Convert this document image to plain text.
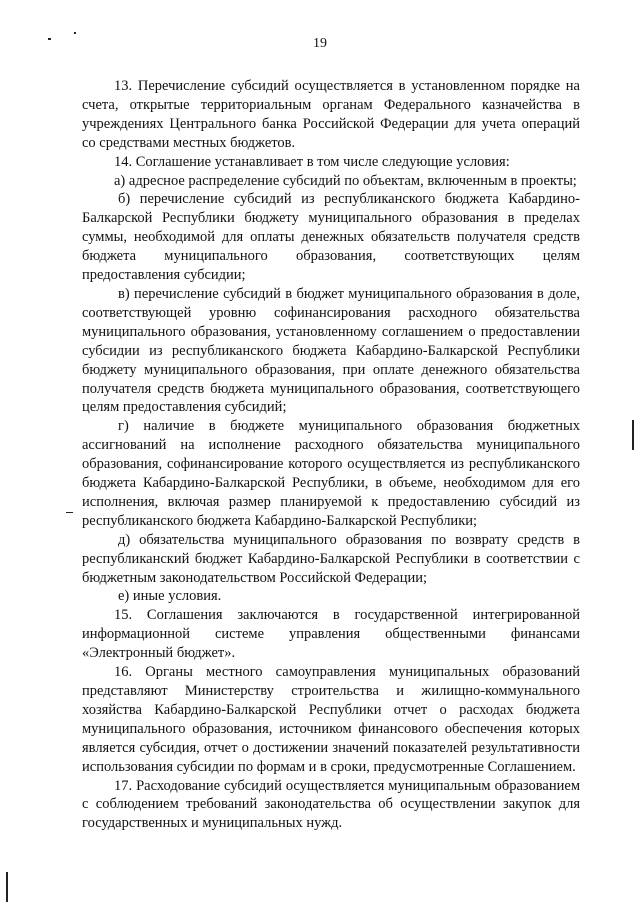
19

13. Перечисление субсидий осуществляется в установленном порядке на счета, открытые территориальным органам Федерального казначейства в учреждениях Центрального банка Российской Федерации для учета операций со средствами местных бюджетов.

14. Соглашение устанавливает в том числе следующие условия:

а) адресное распределение субсидий по объектам, включенным в проекты;

б) перечисление субсидий из республиканского бюджета Кабардино-Балкарской Республики бюджету муниципального образования в пределах суммы, необходимой для оплаты денежных обязательств получателя средств бюджета муниципального образования, соответствующих целям предоставления субсидии;

в) перечисление субсидий в бюджет муниципального образования в доле, соответствующей уровню софинансирования расходного обязательства муниципального образования, установленному соглашением о предоставлении субсидии из республиканского бюджета Кабардино-Балкарской Республики бюджету муниципального образования, при оплате денежного обязательства получателя средств бюджета муниципального образования, соответствующего целям предоставления субсидий;

г) наличие в бюджете муниципального образования бюджетных ассигнований на исполнение расходного обязательства муниципального образования, софинансирование которого осуществляется из республиканского бюджета Кабардино-Балкарской Республики, в объеме, необходимом для его исполнения, включая размер планируемой к предоставлению субсидий из республиканского бюджета Кабардино-Балкарской Республики;

д) обязательства муниципального образования по возврату средств в республиканский бюджет Кабардино-Балкарской Республики в соответствии с бюджетным законодательством Российской Федерации;

е) иные условия.

15. Соглашения заключаются в государственной интегрированной информационной системе управления общественными финансами «Электронный бюджет».

16. Органы местного самоуправления муниципальных образований представляют Министерству строительства и жилищно-коммунального хозяйства Кабардино-Балкарской Республики отчет о расходах бюджета муниципального образования, источником финансового обеспечения которых является субсидия, отчет о достижении значений показателей результативности использования субсидии по формам и в сроки, предусмотренные Соглашением.

17. Расходование субсидий осуществляется муниципальным образованием с соблюдением требований законодательства об осуществлении закупок для государственных и муниципальных нужд.
